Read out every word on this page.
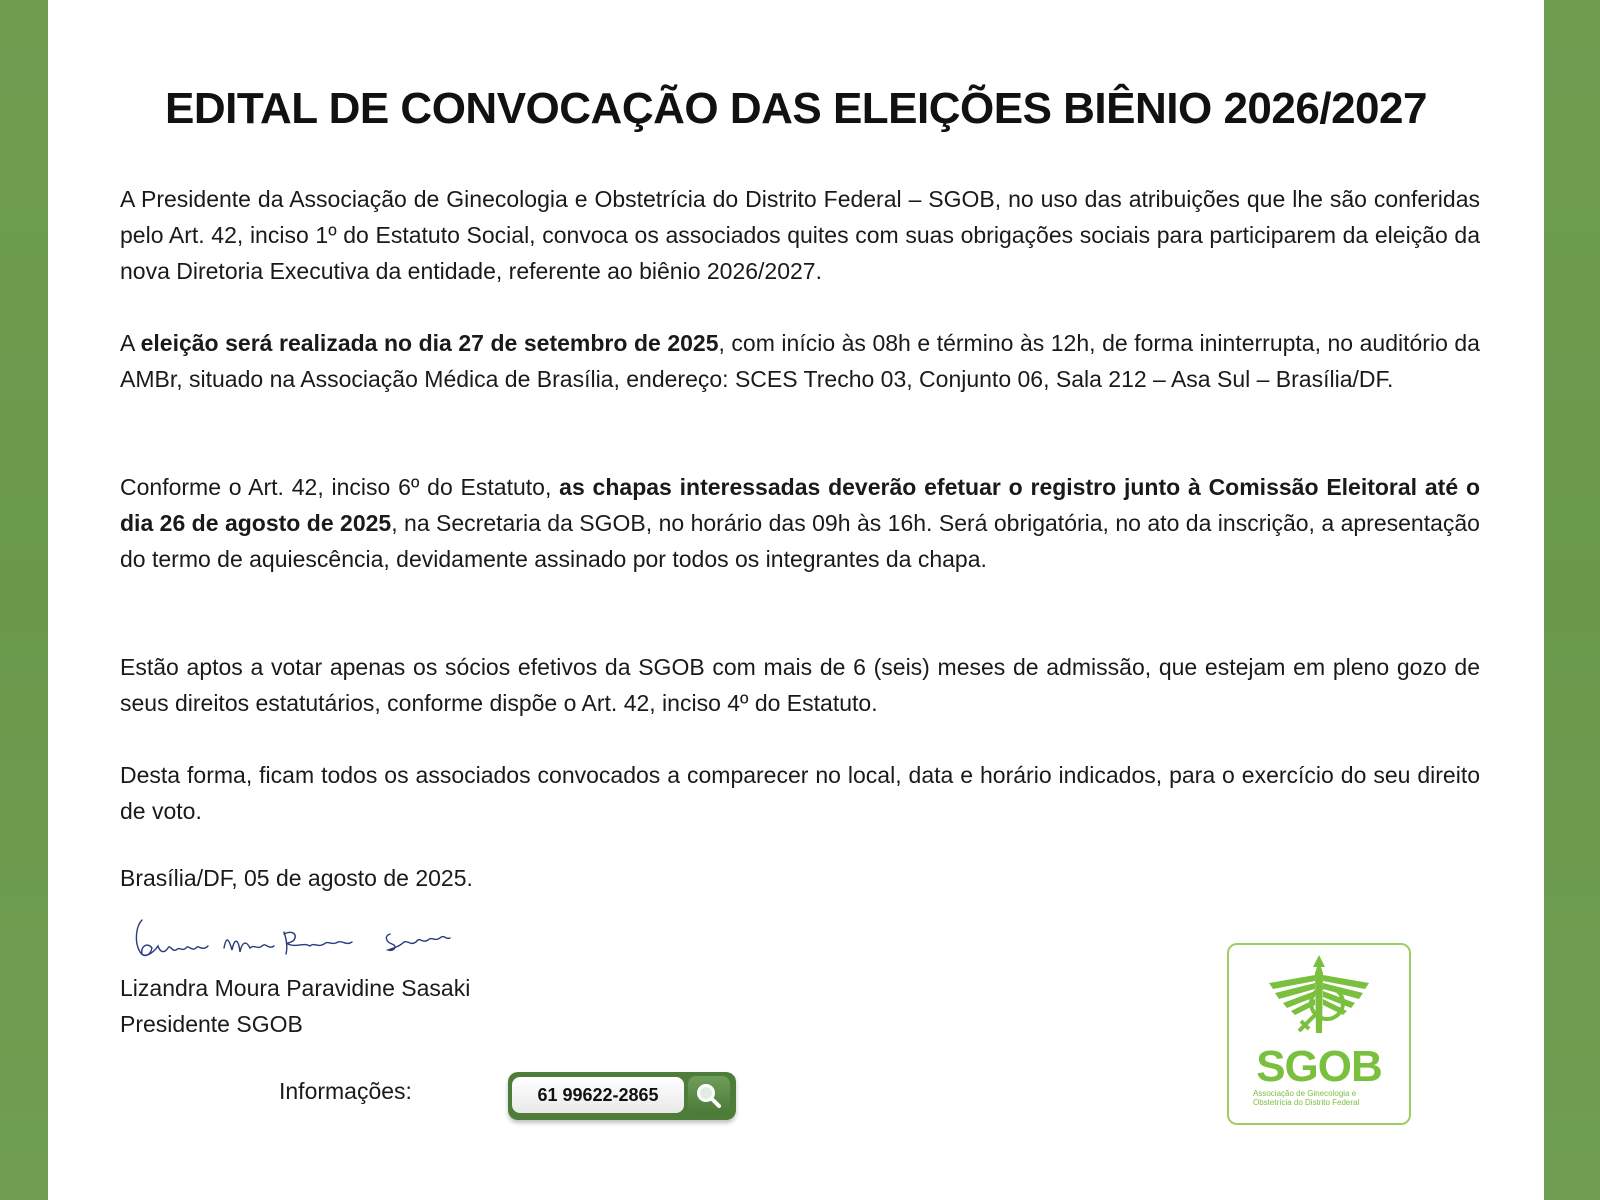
EDITAL DE CONVOCAÇÃO DAS ELEIÇÕES BIÊNIO 2026/2027

A Presidente da Associação de Ginecologia e Obstetrícia do Distrito Federal – SGOB, no uso das atribuições que lhe são conferidas pelo Art. 42, inciso 1º do Estatuto Social, convoca os associados quites com suas obrigações sociais para participarem da eleição da nova Diretoria Executiva da entidade, referente ao biênio 2026/2027.

A eleição será realizada no dia 27 de setembro de 2025, com início às 08h e término às 12h, de forma ininterrupta, no auditório da AMBr, situado na Associação Médica de Brasília, endereço: SCES Trecho 03, Conjunto 06, Sala 212 – Asa Sul – Brasília/DF.

Conforme o Art. 42, inciso 6º do Estatuto, as chapas interessadas deverão efetuar o registro junto à Comissão Eleitoral até o dia 26 de agosto de 2025, na Secretaria da SGOB, no horário das 09h às 16h. Será obrigatória, no ato da inscrição, a apresentação do termo de aquiescência, devidamente assinado por todos os integrantes da chapa.

Estão aptos a votar apenas os sócios efetivos da SGOB com mais de 6 (seis) meses de admissão, que estejam em pleno gozo de seus direitos estatutários, conforme dispõe o Art. 42, inciso 4º do Estatuto.

Desta forma, ficam todos os associados convocados a comparecer no local, data e horário indicados, para o exercício do seu direito de voto.

Brasília/DF, 05 de agosto de 2025.
Lizandra Moura Paravidine Sasaki
Presidente SGOB
Informações:	61 99622-2865
SGOB
Associação de Ginecologia e Obstetrícia do Distrito Federal
